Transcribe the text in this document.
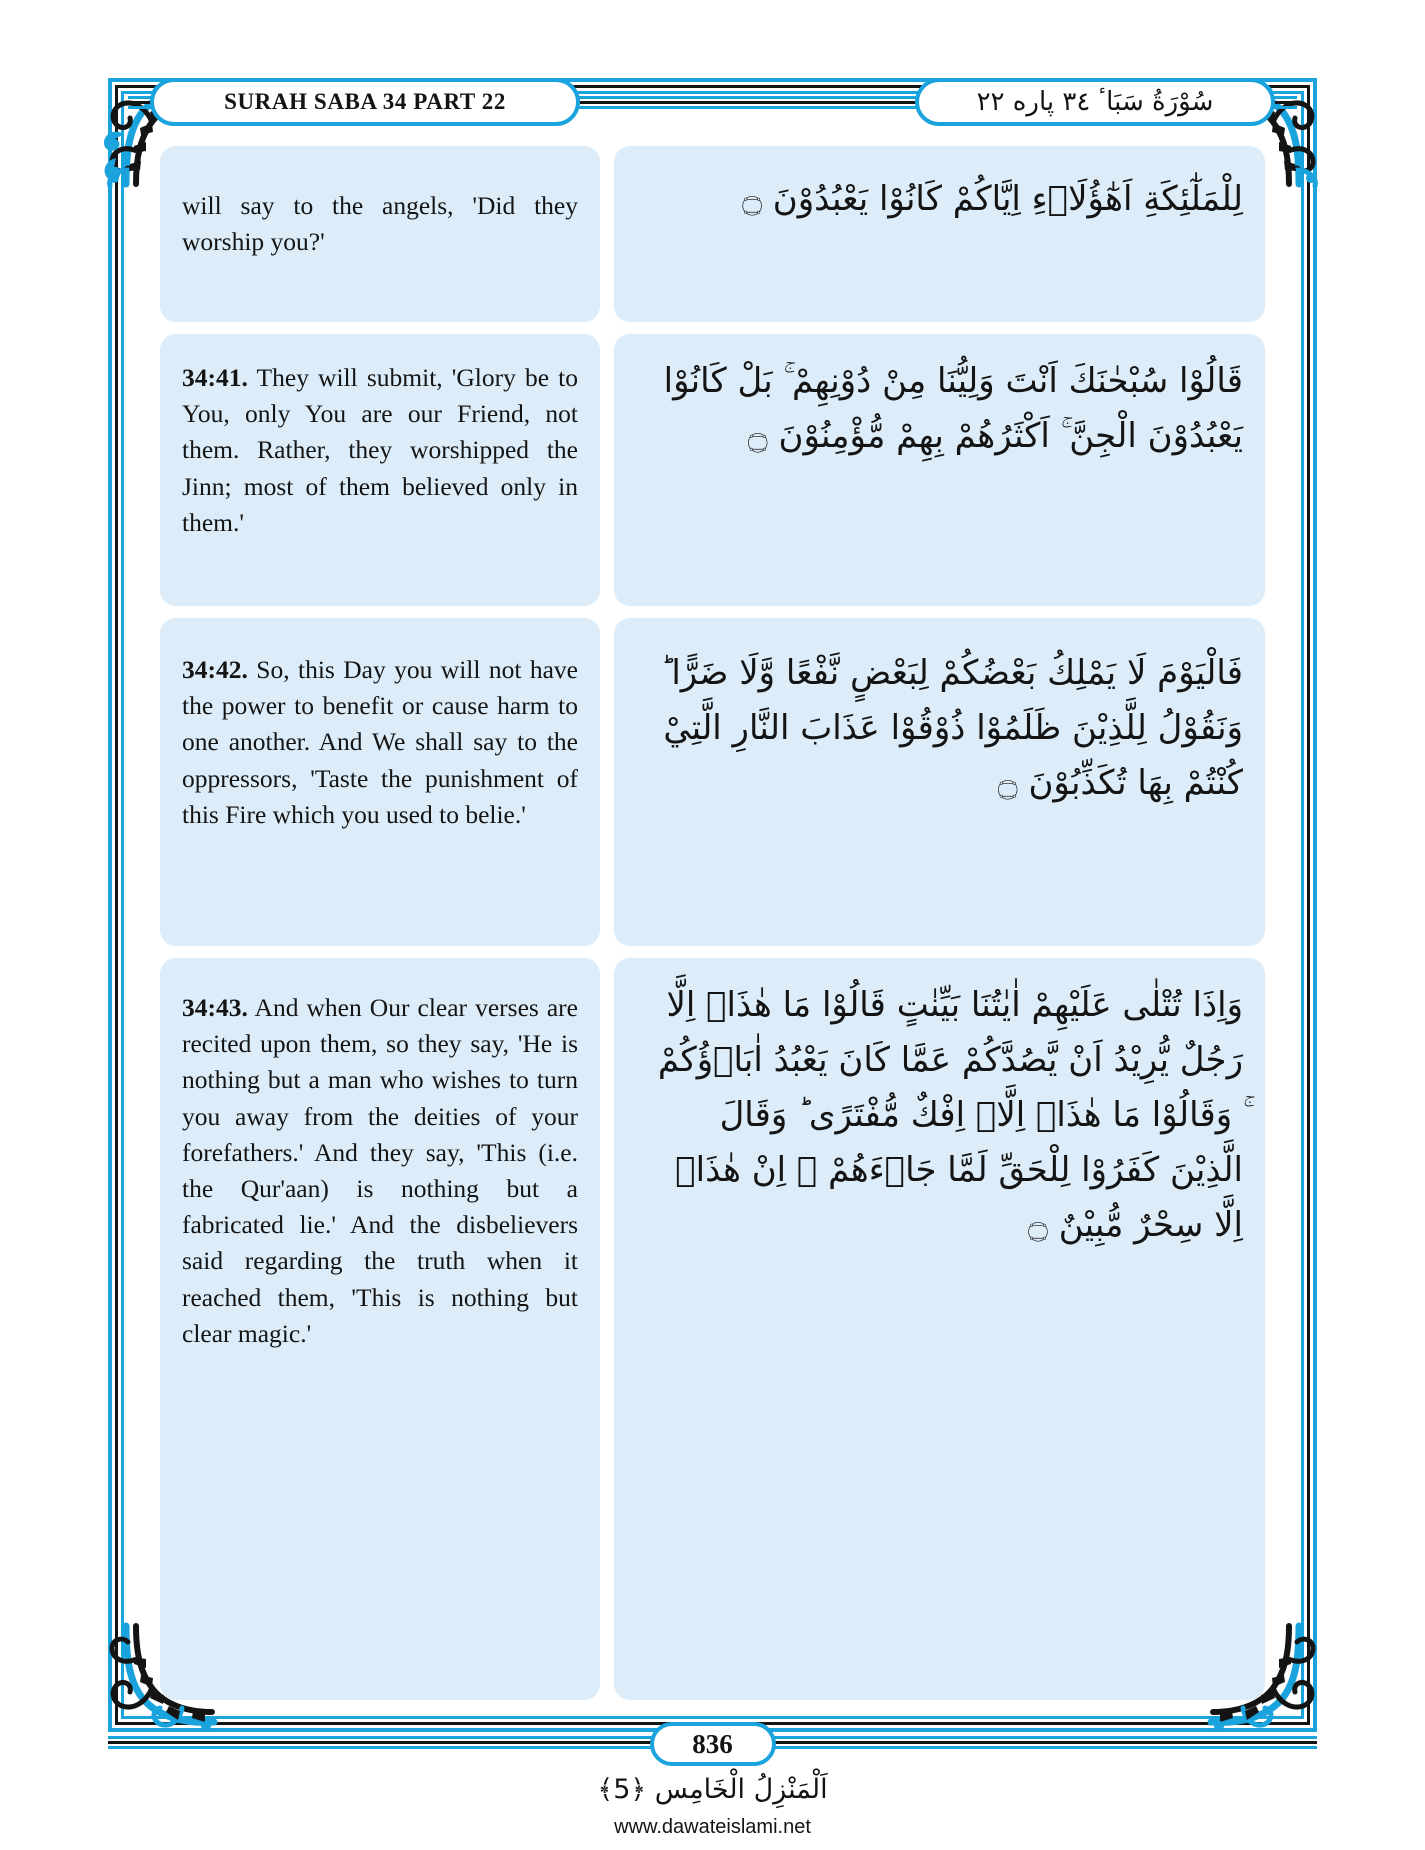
SURAH SABA 34 PART 22	سُوْرَةُ سَبَاٴ ٣٤ پاره ٢٢
will say to the angels, 'Did they worship you?'
34:41. They will submit, 'Glory be to You, only You are our Friend, not them. Rather, they worshipped the Jinn; most of them believed only in them.'
34:42. So, this Day you will not have the power to benefit or cause harm to one another. And We shall say to the oppressors, 'Taste the punishment of this Fire which you used to belie.'
34:43. And when Our clear verses are recited upon them, so they say, 'He is nothing but a man who wishes to turn you away from the deities of your forefathers.' And they say, 'This (i.e. the Qur'aan) is nothing but a fabricated lie.' And the disbelievers said regarding the truth when it reached them, 'This is nothing but clear magic.'
لِلْمَلٰٓئِكَةِ اَهٰٓؤُلَاۤءِ اِيَّاكُمْ كَانُوْا يَعْبُدُوْنَ ۝
قَالُوْا سُبْحٰنَكَ اَنْتَ وَلِيُّنَا مِنْ دُوْنِهِمْ ۚ بَلْ كَانُوْا يَعْبُدُوْنَ الْجِنَّ ۚ اَكْثَرُهُمْ بِهِمْ مُّؤْمِنُوْنَ ۝
فَالْيَوْمَ لَا يَمْلِكُ بَعْضُكُمْ لِبَعْضٍ نَّفْعًا وَّلَا ضَرًّا ؕ وَنَقُوْلُ لِلَّذِيْنَ ظَلَمُوْا ذُوْقُوْا عَذَابَ النَّارِ الَّتِيْ كُنْتُمْ بِهَا تُكَذِّبُوْنَ ۝
وَاِذَا تُتْلٰى عَلَيْهِمْ اٰيٰتُنَا بَيِّنٰتٍ قَالُوْا مَا هٰذَاۤ اِلَّا رَجُلٌ يُّرِيْدُ اَنْ يَّصُدَّكُمْ عَمَّا كَانَ يَعْبُدُ اٰبَاۤؤُكُمْ ۚ وَقَالُوْا مَا هٰذَاۤ اِلَّاۤ اِفْكٌ مُّفْتَرًى ؕ وَقَالَ الَّذِيْنَ كَفَرُوْا لِلْحَقِّ لَمَّا جَاۤءَهُمْ ۙ اِنْ هٰذَاۤ اِلَّا سِحْرٌ مُّبِيْنٌ ۝
836
اَلْمَنْزِلُ الْخَامِس ﴿5﴾
www.dawateislami.net
